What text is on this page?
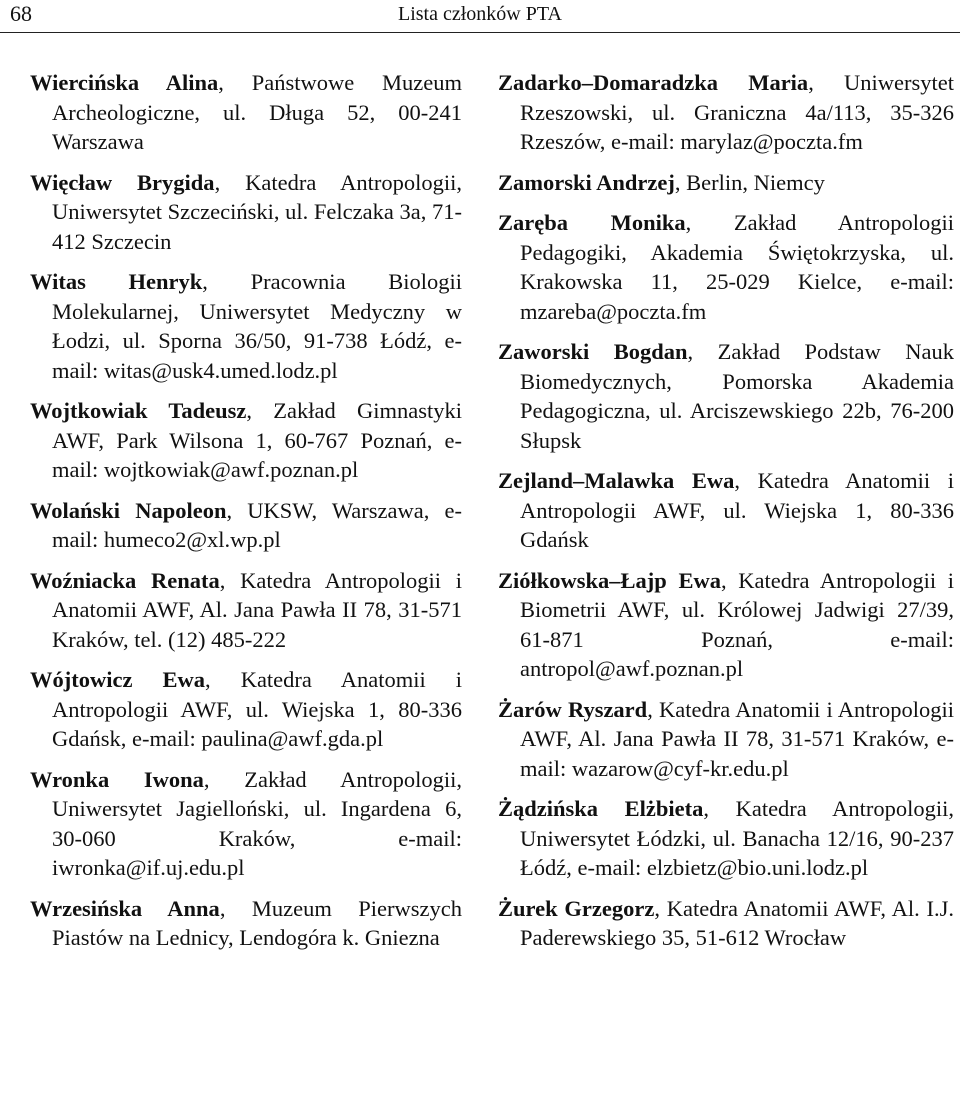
68	Lista członków PTA

Wiercińska Alina, Państwowe Muzeum Archeologiczne, ul. Długa 52, 00-241 Warszawa

Więcław Brygida, Katedra Antropologii, Uniwersytet Szczeciński, ul. Felczaka 3a, 71-412 Szczecin

Witas Henryk, Pracownia Biologii Molekularnej, Uniwersytet Medyczny w Łodzi, ul. Sporna 36/50, 91-738 Łódź, e-mail: witas@usk4.umed.lodz.pl

Wojtkowiak Tadeusz, Zakład Gimnastyki AWF, Park Wilsona 1, 60-767 Poznań, e-mail: wojtkowiak@awf.poznan.pl

Wolański Napoleon, UKSW, Warszawa, e-mail: humeco2@xl.wp.pl

Woźniacka Renata, Katedra Antropologii i Anatomii AWF, Al. Jana Pawła II 78, 31-571 Kraków, tel. (12) 485-222

Wójtowicz Ewa, Katedra Anatomii i Antropologii AWF, ul. Wiejska 1, 80-336 Gdańsk, e-mail: paulina@awf.gda.pl

Wronka Iwona, Zakład Antropologii, Uniwersytet Jagielloński, ul. Ingardena 6, 30-060 Kraków, e-mail: iwronka@if.uj.edu.pl

Wrzesińska Anna, Muzeum Pierwszych Piastów na Lednicy, Lendogóra k. Gniezna

Zadarko–Domaradzka Maria, Uniwersytet Rzeszowski, ul. Graniczna 4a/113, 35-326 Rzeszów, e-mail: marylaz@poczta.fm

Zamorski Andrzej, Berlin, Niemcy

Zaręba Monika, Zakład Antropologii Pedagogiki, Akademia Świętokrzyska, ul. Krakowska 11, 25-029 Kielce, e-mail: mzareba@poczta.fm

Zaworski Bogdan, Zakład Podstaw Nauk Biomedycznych, Pomorska Akademia Pedagogiczna, ul. Arciszewskiego 22b, 76-200 Słupsk

Zejland–Malawka Ewa, Katedra Anatomii i Antropologii AWF, ul. Wiejska 1, 80-336 Gdańsk

Ziółkowska–Łajp Ewa, Katedra Antropologii i Biometrii AWF, ul. Królowej Jadwigi 27/39, 61-871 Poznań, e-mail: antropol@awf.poznan.pl

Żarów Ryszard, Katedra Anatomii i Antropologii AWF, Al. Jana Pawła II 78, 31-571 Kraków, e-mail: wazarow@cyf-kr.edu.pl

Żądzińska Elżbieta, Katedra Antropologii, Uniwersytet Łódzki, ul. Banacha 12/16, 90-237 Łódź, e-mail: elzbietz@bio.uni.lodz.pl

Żurek Grzegorz, Katedra Anatomii AWF, Al. I.J. Paderewskiego 35, 51-612 Wrocław
